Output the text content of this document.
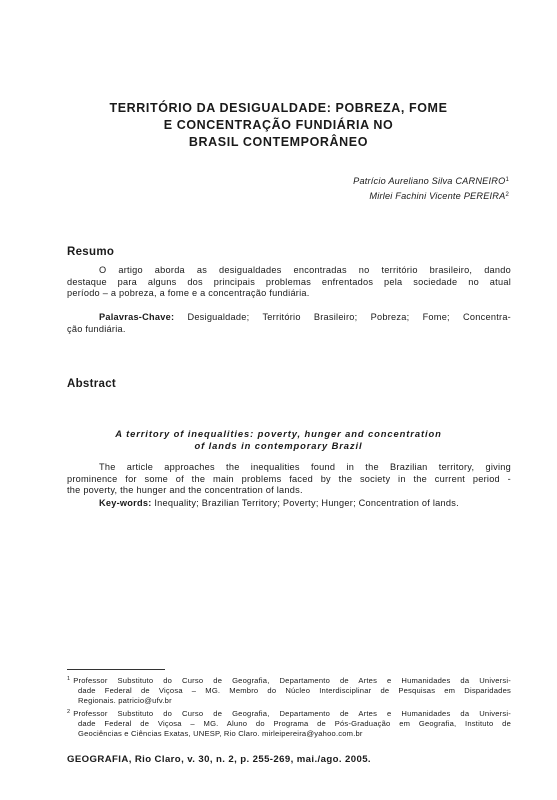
TERRITÓRIO DA DESIGUALDADE: POBREZA, FOME
E CONCENTRAÇÃO FUNDIÁRIA NO
BRASIL CONTEMPORÂNEO
Patrício Aureliano Silva CARNEIRO$^1$
Mirlei Fachini Vicente PEREIRA$^2$
Resumo
O artigo aborda as desigualdades encontradas no território brasileiro, dando
destaque para alguns dos principais problemas enfrentados pela sociedade no atual
período – a pobreza, a fome e a concentração fundiária.
Palavras-Chave: Desigualdade; Território Brasileiro; Pobreza; Fome; Concentra-
ção fundiária.
Abstract
A territory of inequalities: poverty, hunger and concentration
of lands in contemporary Brazil
The article approaches the inequalities found in the Brazilian territory, giving
prominence for some of the main problems faced by the society in the current period -
the poverty, the hunger and the concentration of lands.
Key-words: Inequality; Brazilian Territory; Poverty; Hunger; Concentration of lands.
$^1$ Professor Substituto do Curso de Geografia, Departamento de Artes e Humanidades da Universi-
dade Federal de Viçosa – MG. Membro do Núcleo Interdisciplinar de Pesquisas em Disparidades
Regionais. patricio@ufv.br
$^2$ Professor Substituto do Curso de Geografia, Departamento de Artes e Humanidades da Universi-
dade Federal de Viçosa – MG. Aluno do Programa de Pós-Graduação em Geografia, Instituto de
Geociências e Ciências Exatas, UNESP, Rio Claro. mirleipereira@yahoo.com.br
GEOGRAFIA, Rio Claro, v. 30, n. 2, p. 255-269, mai./ago. 2005.
